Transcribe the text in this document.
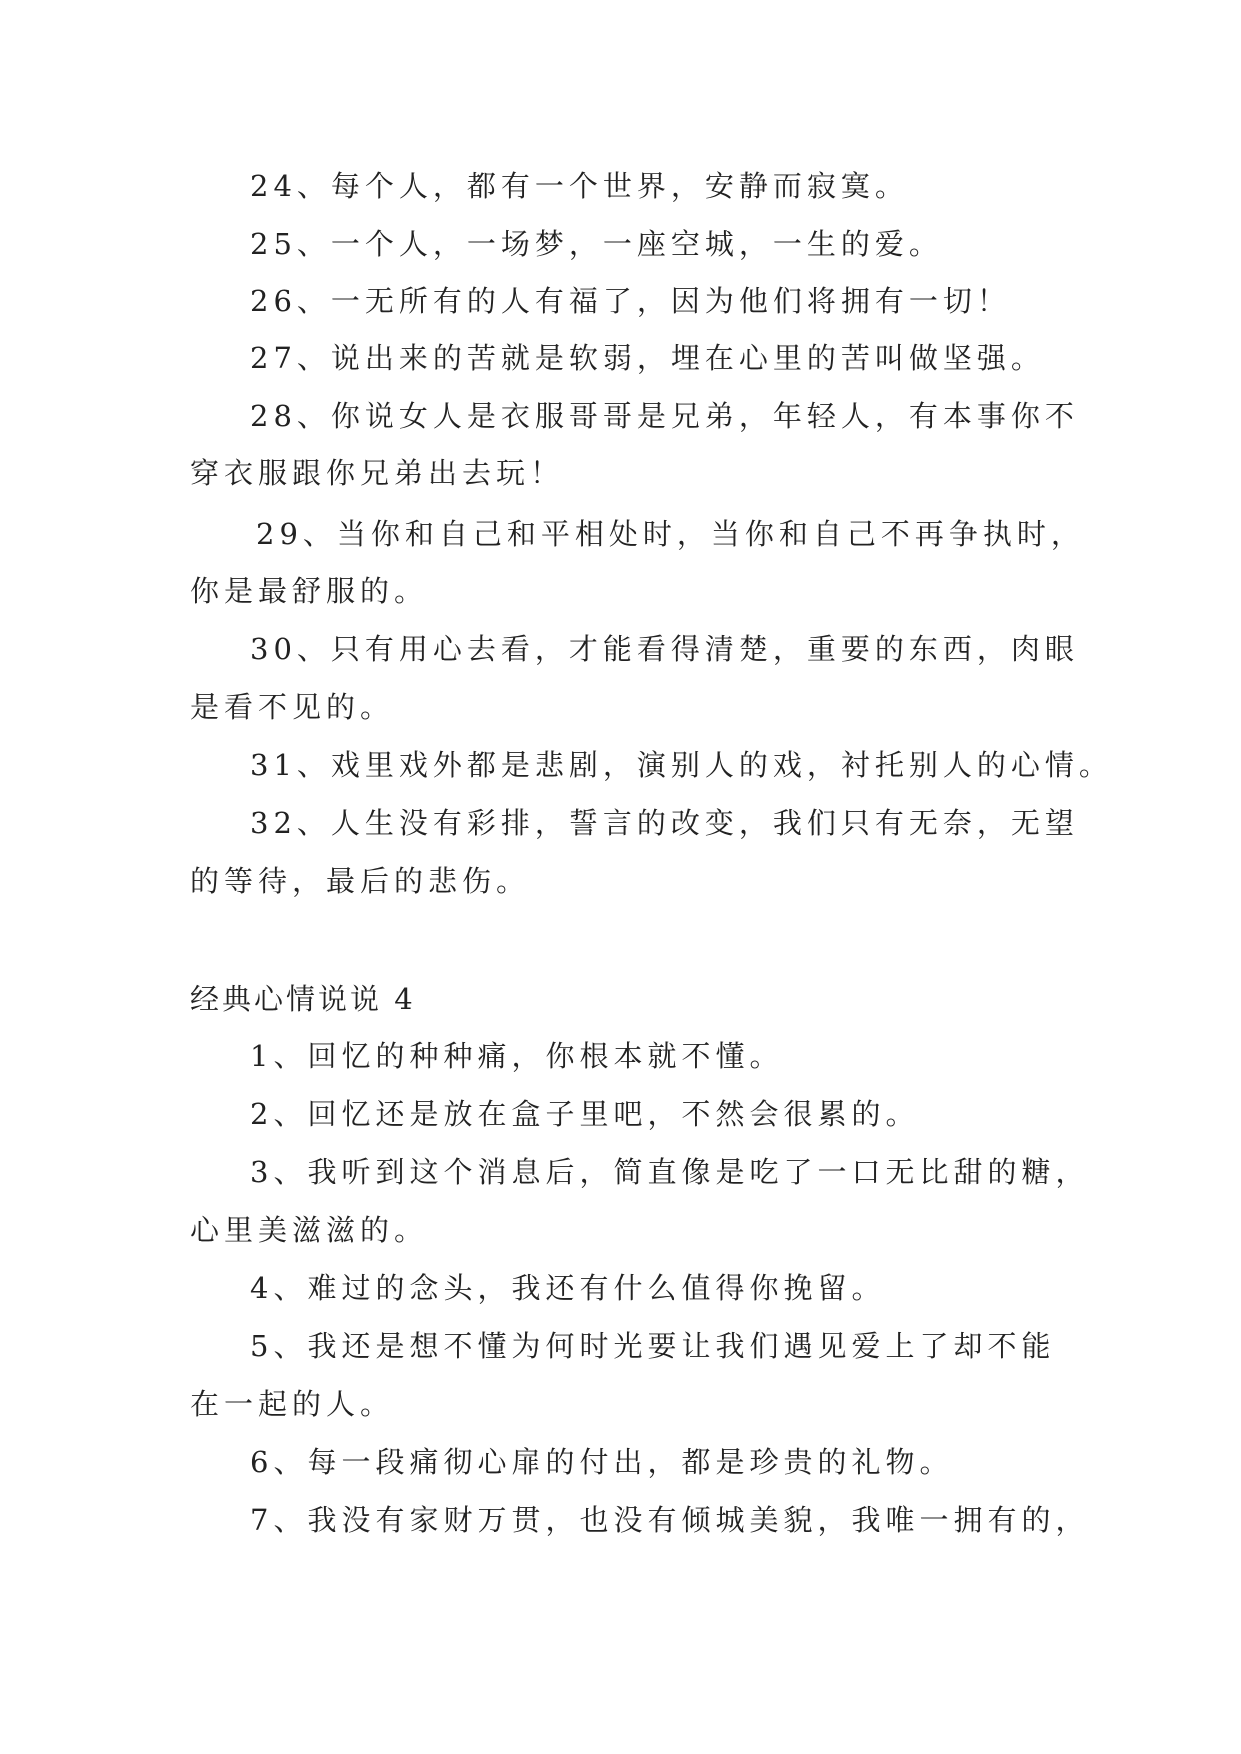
24、每个人，都有一个世界，安静而寂寞。
25、一个人，一场梦，一座空城，一生的爱。
26、一无所有的人有福了，因为他们将拥有一切！
27、说出来的苦就是软弱，埋在心里的苦叫做坚强。
28、你说女人是衣服哥哥是兄弟，年轻人，有本事你不
穿衣服跟你兄弟出去玩！
29、当你和自己和平相处时，当你和自己不再争执时，
你是最舒服的。
30、只有用心去看，才能看得清楚，重要的东西，肉眼
是看不见的。
31、戏里戏外都是悲剧，演别人的戏，衬托别人的心情。
32、人生没有彩排，誓言的改变，我们只有无奈，无望
的等待，最后的悲伤。
经典心情说说 4
1、回忆的种种痛，你根本就不懂。
2、回忆还是放在盒子里吧，不然会很累的。
3、我听到这个消息后，简直像是吃了一口无比甜的糖，
心里美滋滋的。
4、难过的念头，我还有什么值得你挽留。
5、我还是想不懂为何时光要让我们遇见爱上了却不能
在一起的人。
6、每一段痛彻心扉的付出，都是珍贵的礼物。
7、我没有家财万贯，也没有倾城美貌，我唯一拥有的，
